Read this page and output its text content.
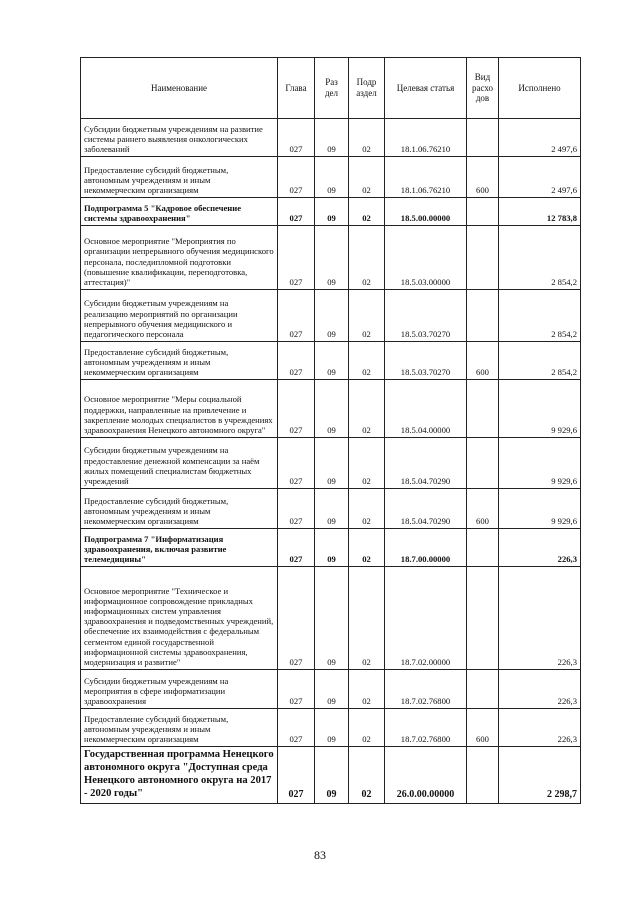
Наименование	Глава	Раз дел	Подр аздел	Целевая статья	Вид расхо дов	Исполнено
Субсидии бюджетным учреждениям на развитие системы раннего выявления онкологических заболеваний	027	09	02	18.1.06.76210		2 497,6
Предоставление субсидий бюджетным, автономным учреждениям и иным некоммерческим организациям	027	09	02	18.1.06.76210	600	2 497,6
Подпрограмма 5 "Кадровое обеспечение системы здравоохранения"	027	09	02	18.5.00.00000		12 783,8
Основное мероприятие "Мероприятия по организации непрерывного обучения медицинского персонала, последипломной подготовки (повышение квалификации, переподготовка, аттестация)"	027	09	02	18.5.03.00000		2 854,2
Субсидии бюджетным учреждениям на реализацию мероприятий по организации непрерывного обучения медицинского и педагогического персонала	027	09	02	18.5.03.70270		2 854,2
Предоставление субсидий бюджетным, автономным учреждениям и иным некоммерческим организациям	027	09	02	18.5.03.70270	600	2 854,2
Основное мероприятие "Меры социальной поддержки, направленные на привлечение и закрепление молодых специалистов в учреждениях здравоохранения Ненецкого автономного округа"	027	09	02	18.5.04.00000		9 929,6
Субсидии бюджетным учреждениям на предоставление денежной компенсации за наём жилых помещений специалистам бюджетных учреждений	027	09	02	18.5.04.70290		9 929,6
Предоставление субсидий бюджетным, автономным учреждениям и иным некоммерческим организациям	027	09	02	18.5.04.70290	600	9 929,6
Подпрограмма 7 "Информатизация здравоохранения, включая развитие телемедицины"	027	09	02	18.7.00.00000		226,3
Основное мероприятие "Техническое и информационное сопровождение прикладных информационных систем управления здравоохранения и подведомственных учреждений, обеспечение их взаимодействия с федеральным сегментом единой государственной информационной системы здравоохранения, модернизация и развитие"	027	09	02	18.7.02.00000		226,3
Субсидии бюджетным учреждениям на мероприятия в сфере информатизации здравоохранения	027	09	02	18.7.02.76800		226,3
Предоставление субсидий бюджетным, автономным учреждениям и иным некоммерческим организациям	027	09	02	18.7.02.76800	600	226,3
Государственная программа Ненецкого автономного округа "Доступная среда Ненецкого автономного округа на 2017 - 2020 годы"	027	09	02	26.0.00.00000		2 298,7
83
